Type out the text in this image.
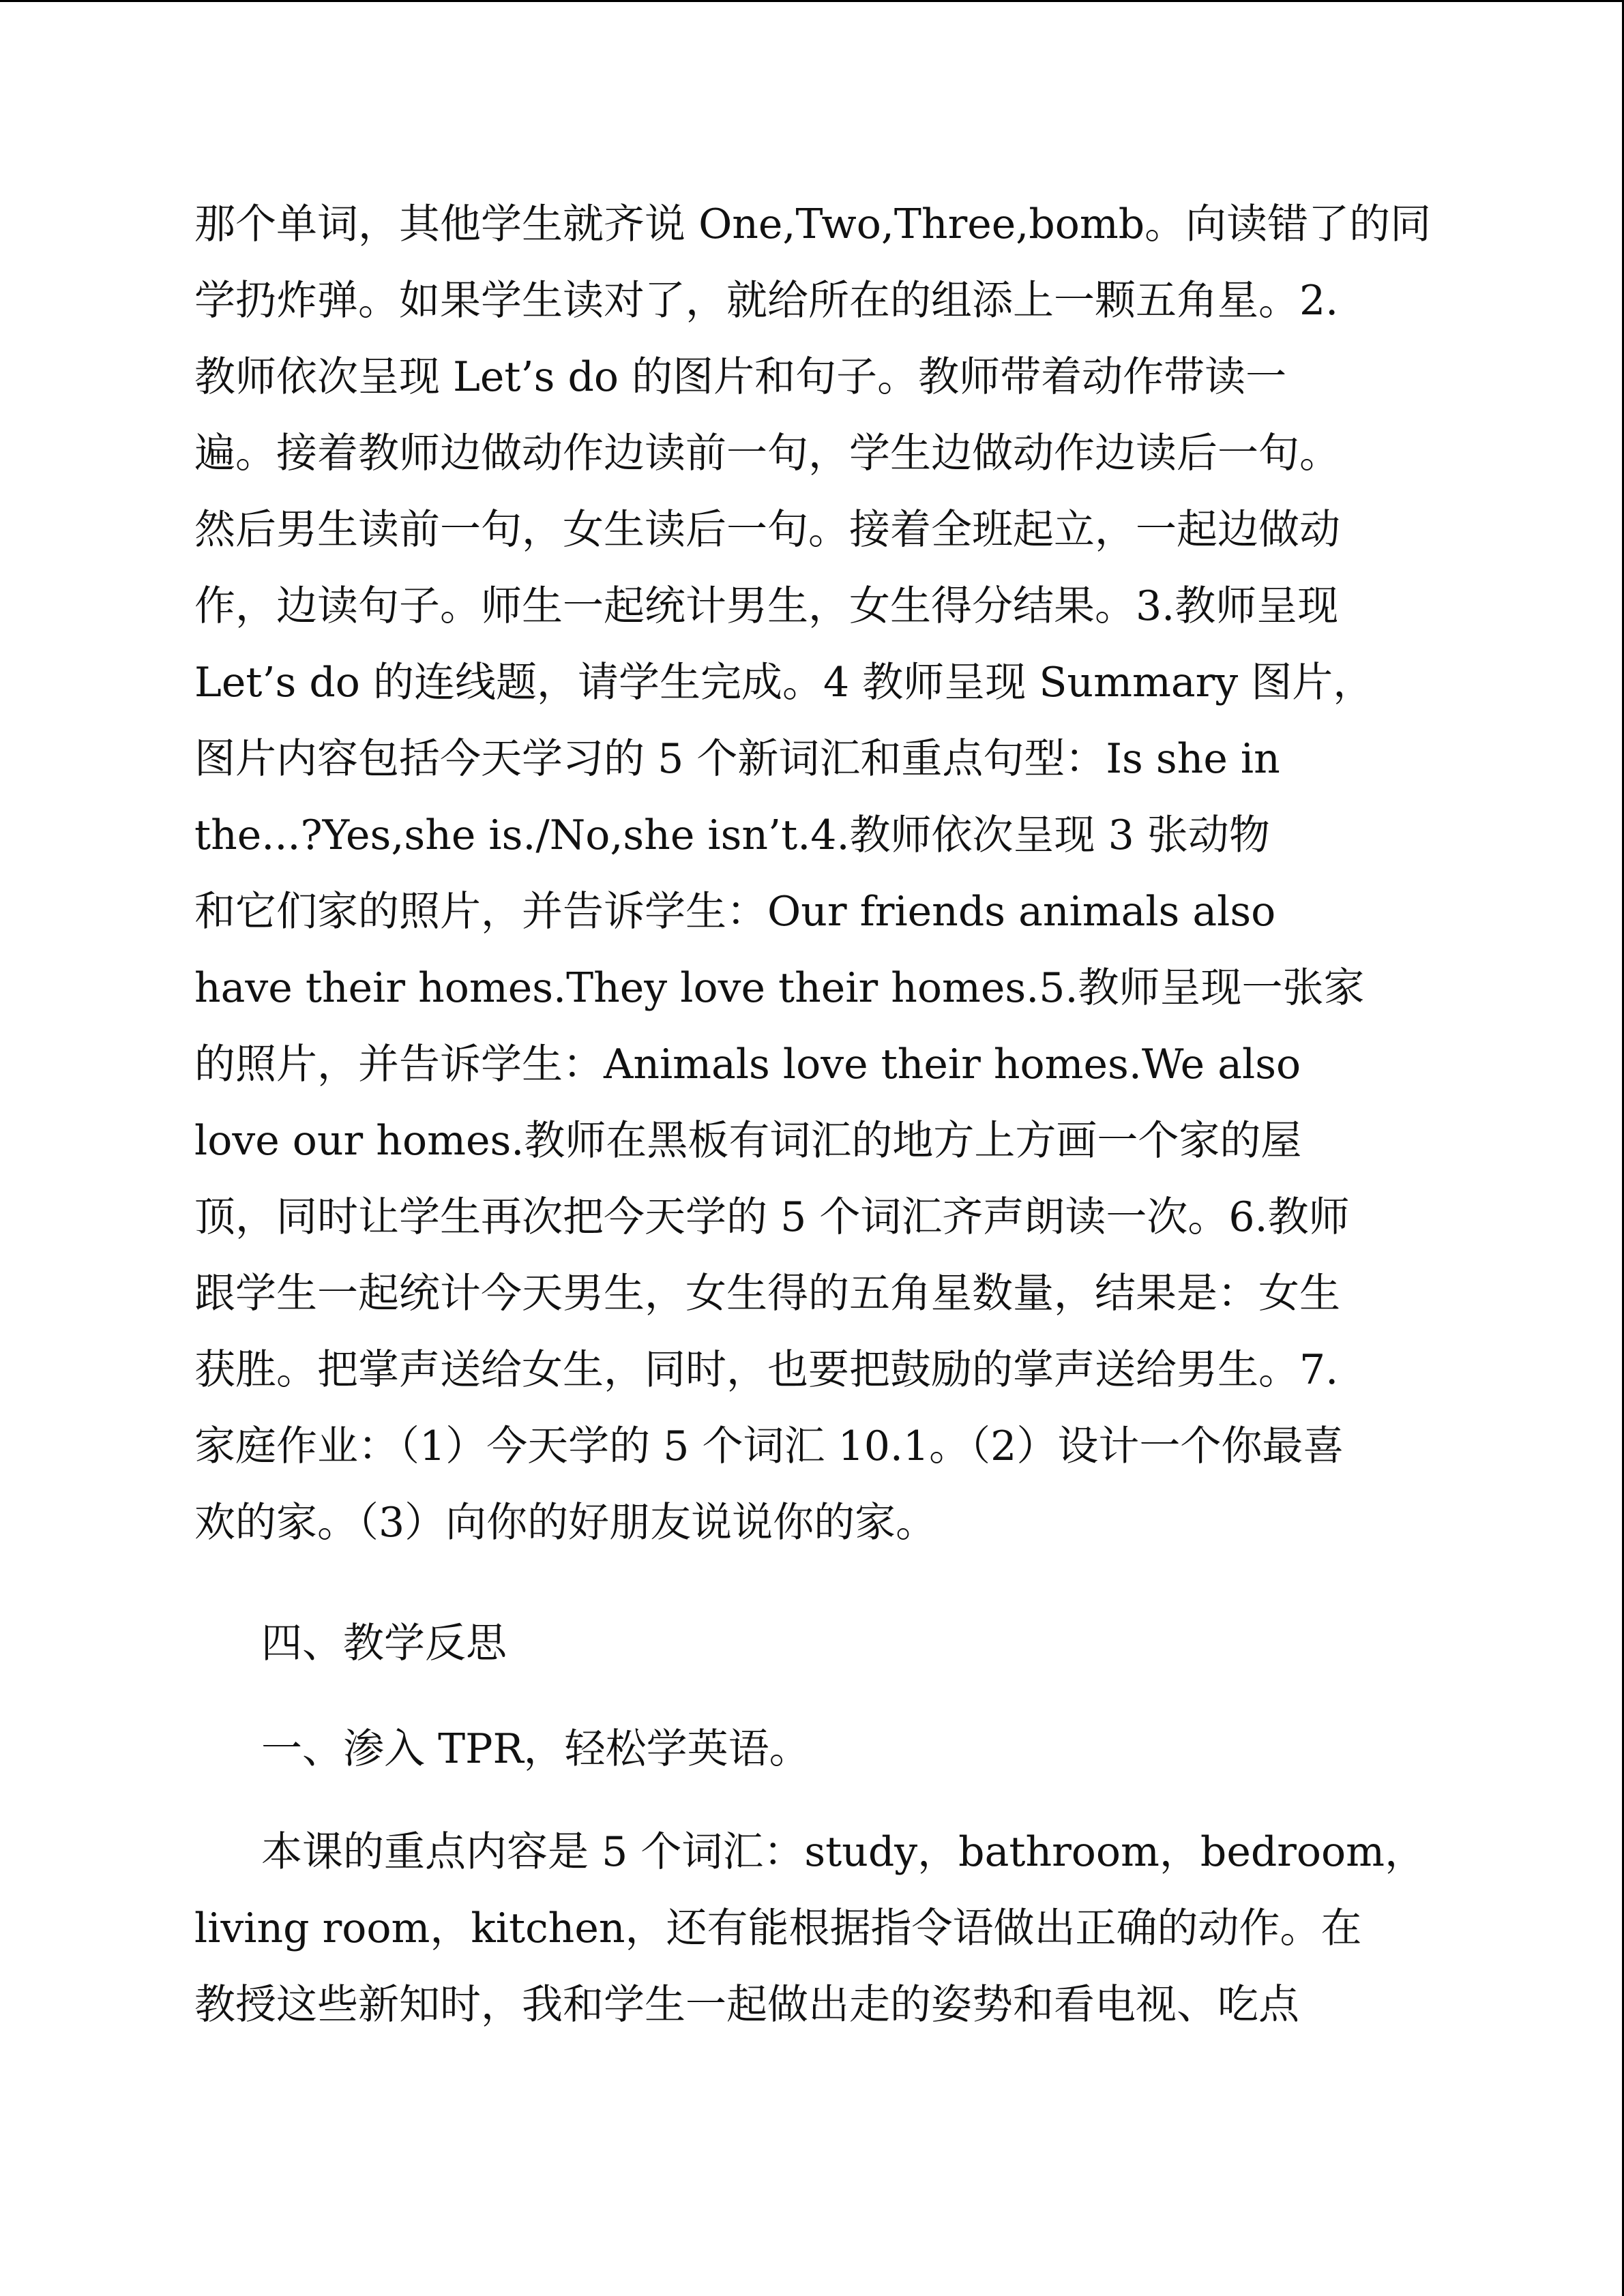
那个单词，其他学生就齐说 One,Two,Three,bomb。向读错了的同
学扔炸弹。如果学生读对了，就给所在的组添上一颗五角星。2.
教师依次呈现 Let’s do 的图片和句子。教师带着动作带读一
遍。接着教师边做动作边读前一句，学生边做动作边读后一句。
然后男生读前一句，女生读后一句。接着全班起立，一起边做动
作，边读句子。师生一起统计男生，女生得分结果。3.教师呈现
Let’s do 的连线题，请学生完成。4 教师呈现 Summary 图片，
图片内容包括今天学习的 5 个新词汇和重点句型：Is she in
the...?Yes,she is./No,she isn’t.4.教师依次呈现 3 张动物
和它们家的照片，并告诉学生：Our friends animals also
have their homes.They love their homes.5.教师呈现一张家
的照片，并告诉学生：Animals love their homes.We also
love our homes.教师在黑板有词汇的地方上方画一个家的屋
顶，同时让学生再次把今天学的 5 个词汇齐声朗读一次。6.教师
跟学生一起统计今天男生，女生得的五角星数量，结果是：女生
获胜。把掌声送给女生，同时，也要把鼓励的掌声送给男生。7.
家庭作业：（1）今天学的 5 个词汇 10.1。（2）设计一个你最喜
欢的家。（3）向你的好朋友说说你的家。
四、教学反思
一、渗入 TPR，轻松学英语。
本课的重点内容是 5 个词汇：study，bathroom，bedroom，
living room，kitchen，还有能根据指令语做出正确的动作。在
教授这些新知时，我和学生一起做出走的姿势和看电视、吃点
